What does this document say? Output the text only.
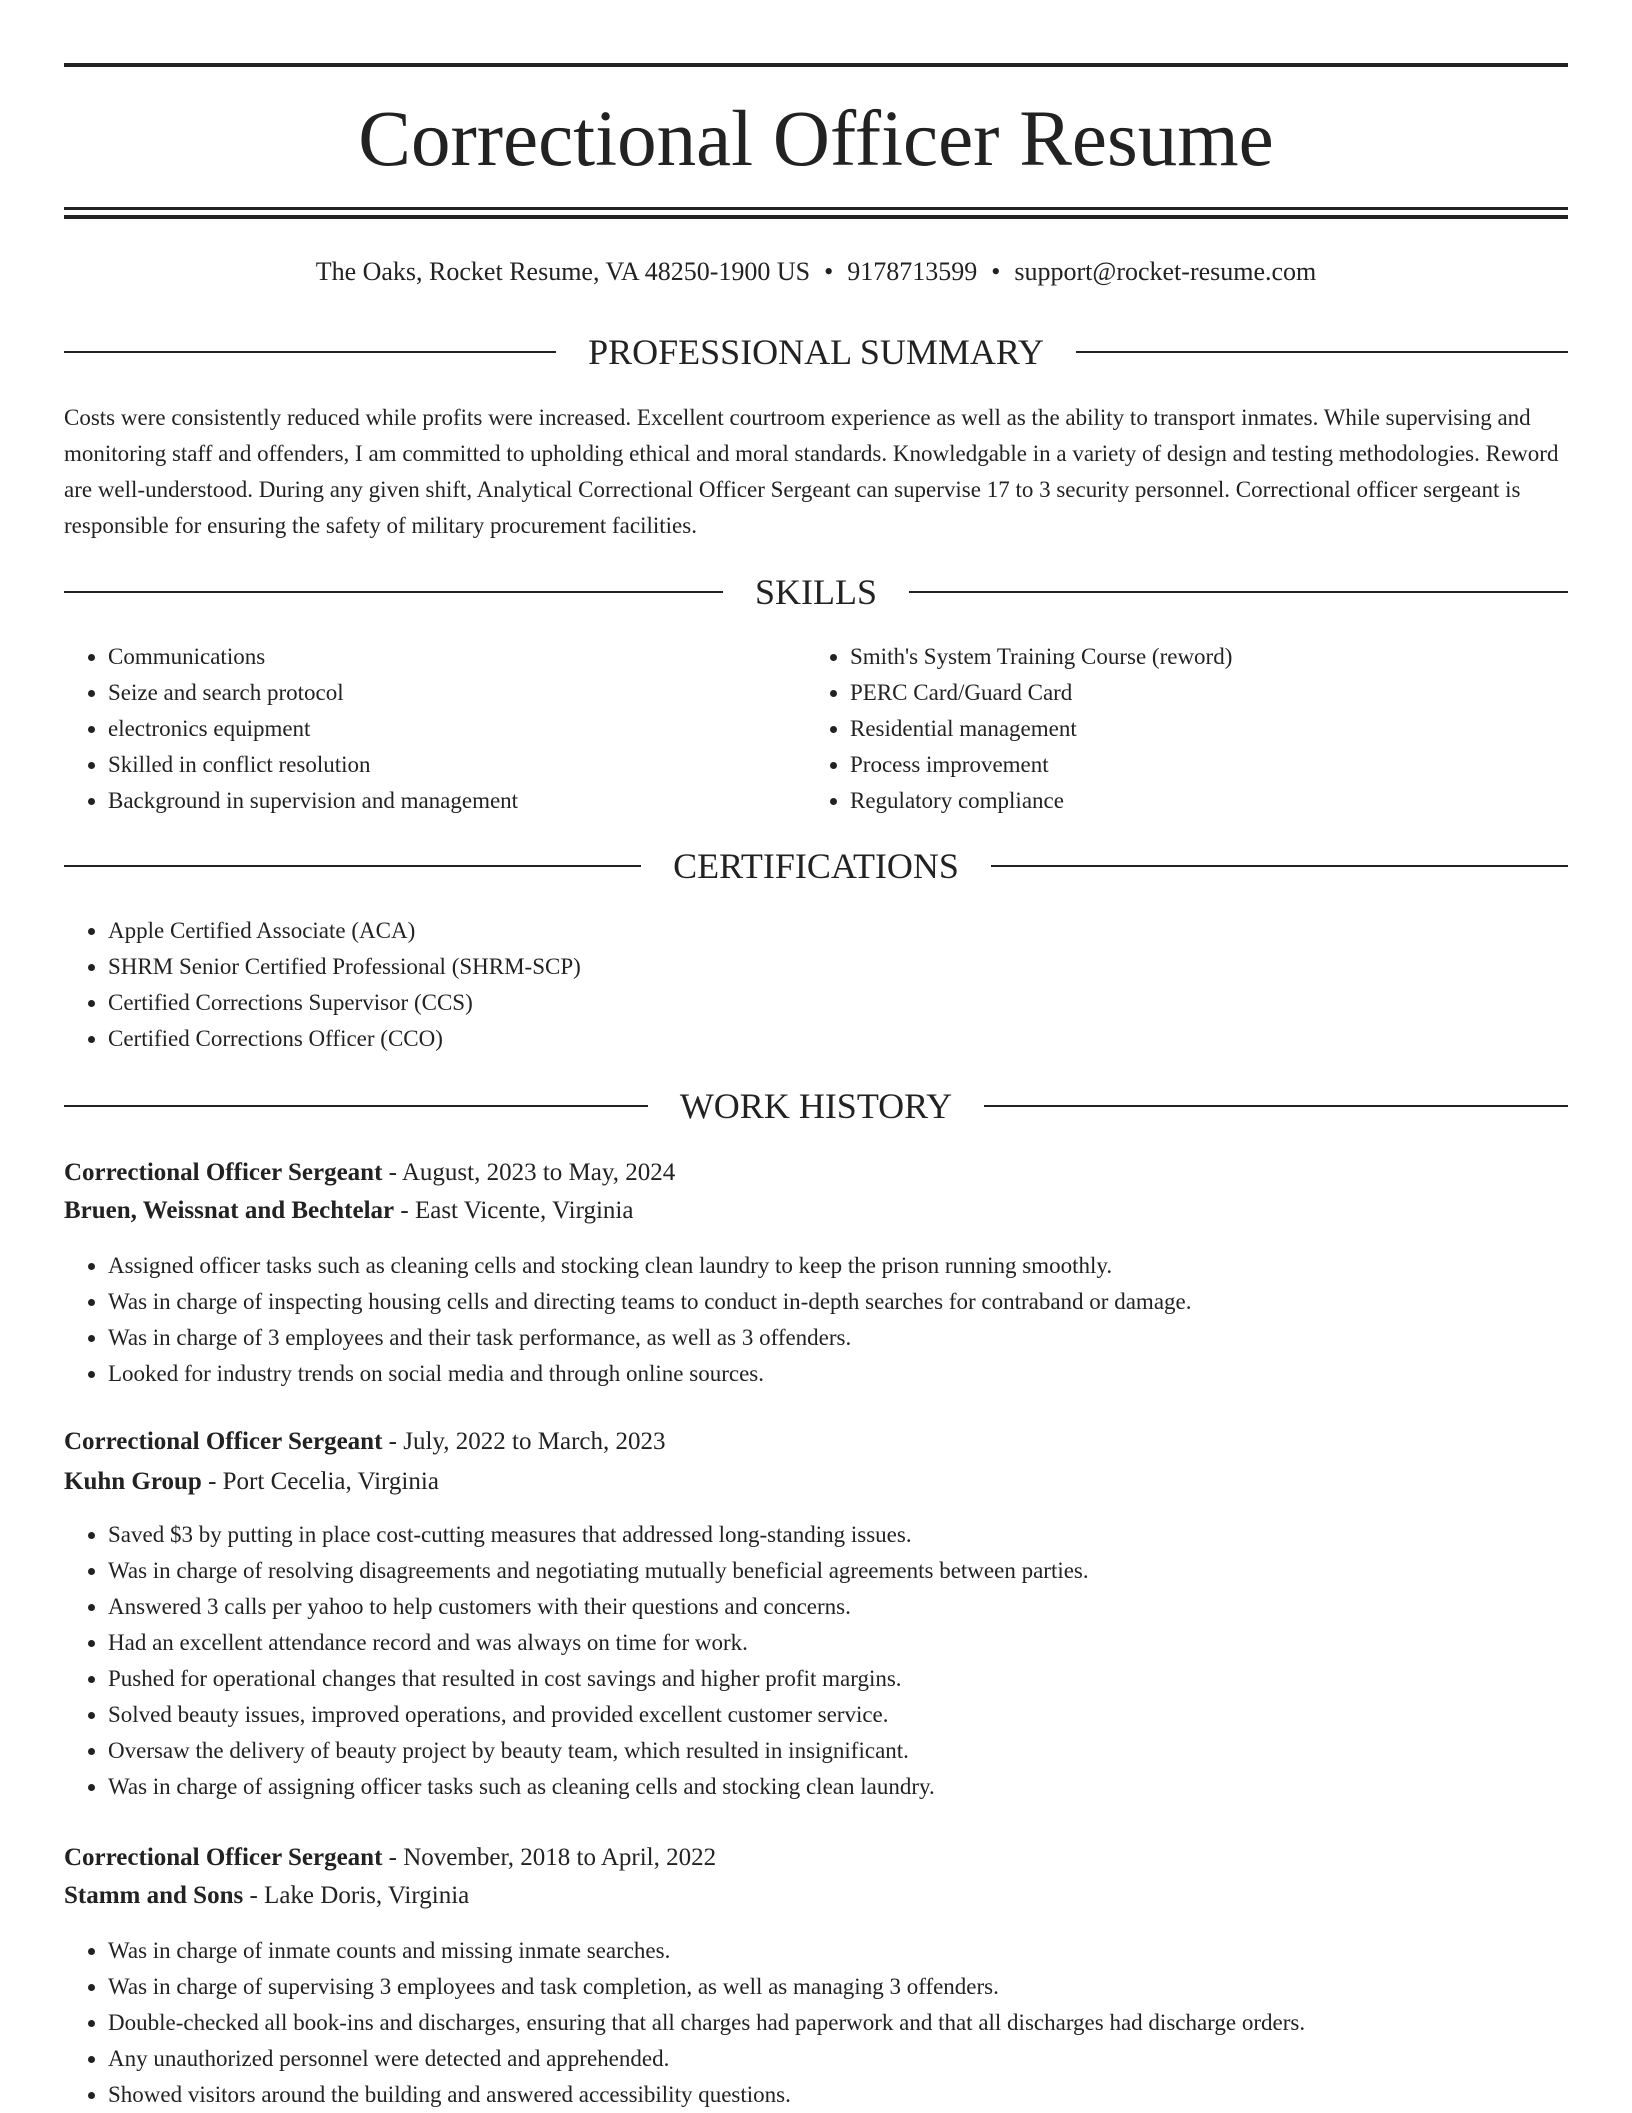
Correctional Officer Resume
The Oaks, Rocket Resume, VA 48250-1900 US • 9178713599 • support@rocket-resume.com
PROFESSIONAL SUMMARY

Costs were consistently reduced while profits were increased. Excellent courtroom experience as well as the ability to transport inmates. While supervising and monitoring staff and offenders, I am committed to upholding ethical and moral standards. Knowledgable in a variety of design and testing methodologies. Reword are well-understood. During any given shift, Analytical Correctional Officer Sergeant can supervise 17 to 3 security personnel. Correctional officer sergeant is responsible for ensuring the safety of military procurement facilities.

SKILLS
• Communications
• Seize and search protocol
• electronics equipment
• Skilled in conflict resolution
• Background in supervision and management
• Smith's System Training Course (reword)
• PERC Card/Guard Card
• Residential management
• Process improvement
• Regulatory compliance
CERTIFICATIONS
• Apple Certified Associate (ACA)
• SHRM Senior Certified Professional (SHRM-SCP)
• Certified Corrections Supervisor (CCS)
• Certified Corrections Officer (CCO)
WORK HISTORY
Correctional Officer Sergeant - August, 2023 to May, 2024
Bruen, Weissnat and Bechtelar - East Vicente, Virginia
• Assigned officer tasks such as cleaning cells and stocking clean laundry to keep the prison running smoothly.
• Was in charge of inspecting housing cells and directing teams to conduct in-depth searches for contraband or damage.
• Was in charge of 3 employees and their task performance, as well as 3 offenders.
• Looked for industry trends on social media and through online sources.
Correctional Officer Sergeant - July, 2022 to March, 2023
Kuhn Group - Port Cecelia, Virginia
• Saved $3 by putting in place cost-cutting measures that addressed long-standing issues.
• Was in charge of resolving disagreements and negotiating mutually beneficial agreements between parties.
• Answered 3 calls per yahoo to help customers with their questions and concerns.
• Had an excellent attendance record and was always on time for work.
• Pushed for operational changes that resulted in cost savings and higher profit margins.
• Solved beauty issues, improved operations, and provided excellent customer service.
• Oversaw the delivery of beauty project by beauty team, which resulted in insignificant.
• Was in charge of assigning officer tasks such as cleaning cells and stocking clean laundry.
Correctional Officer Sergeant - November, 2018 to April, 2022
Stamm and Sons - Lake Doris, Virginia
• Was in charge of inmate counts and missing inmate searches.
• Was in charge of supervising 3 employees and task completion, as well as managing 3 offenders.
• Double-checked all book-ins and discharges, ensuring that all charges had paperwork and that all discharges had discharge orders.
• Any unauthorized personnel were detected and apprehended.
• Showed visitors around the building and answered accessibility questions.
